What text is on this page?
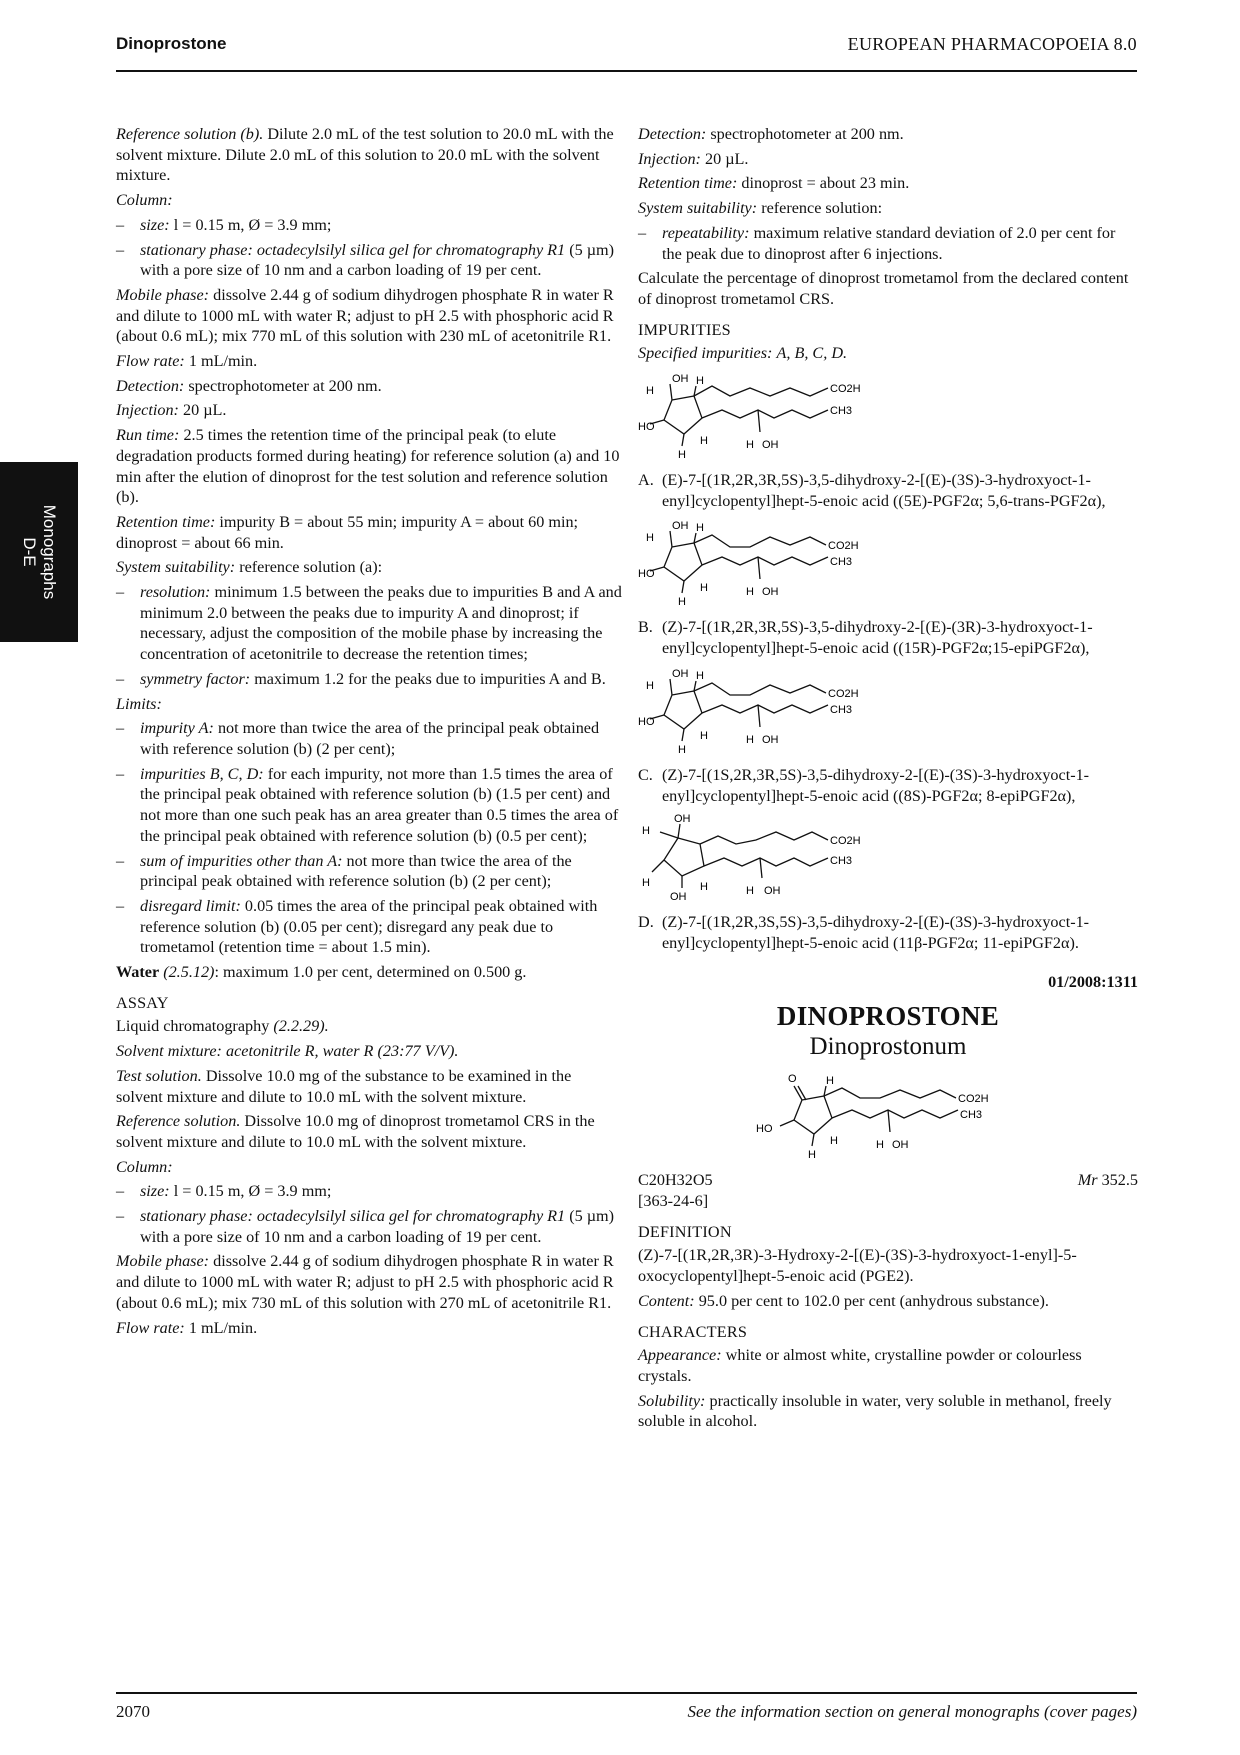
Dinoprostone	EUROPEAN PHARMACOPOEIA 8.0
Monographs
D-E

Reference solution (b). Dilute 2.0 mL of the test solution to 20.0 mL with the solvent mixture. Dilute 2.0 mL of this solution to 20.0 mL with the solvent mixture.

Column:

– size: l = 0.15 m, Ø = 3.9 mm;
– stationary phase: octadecylsilyl silica gel for chromatography R1 (5 µm) with a pore size of 10 nm and a carbon loading of 19 per cent.

Mobile phase: dissolve 2.44 g of sodium dihydrogen phosphate R in water R and dilute to 1000 mL with water R; adjust to pH 2.5 with phosphoric acid R (about 0.6 mL); mix 770 mL of this solution with 230 mL of acetonitrile R1.

Flow rate: 1 mL/min.

Detection: spectrophotometer at 200 nm.

Injection: 20 µL.

Run time: 2.5 times the retention time of the principal peak (to elute degradation products formed during heating) for reference solution (a) and 10 min after the elution of dinoprost for the test solution and reference solution (b).

Retention time: impurity B = about 55 min; impurity A = about 60 min; dinoprost = about 66 min.

System suitability: reference solution (a):

– resolution: minimum 1.5 between the peaks due to impurities B and A and minimum 2.0 between the peaks due to impurity A and dinoprost; if necessary, adjust the composition of the mobile phase by increasing the concentration of acetonitrile to decrease the retention times;
– symmetry factor: maximum 1.2 for the peaks due to impurities A and B.

Limits:

– impurity A: not more than twice the area of the principal peak obtained with reference solution (b) (2 per cent);
– impurities B, C, D: for each impurity, not more than 1.5 times the area of the principal peak obtained with reference solution (b) (1.5 per cent) and not more than one such peak has an area greater than 0.5 times the area of the principal peak obtained with reference solution (b) (0.5 per cent);
– sum of impurities other than A: not more than twice the area of the principal peak obtained with reference solution (b) (2 per cent);
– disregard limit: 0.05 times the area of the principal peak obtained with reference solution (b) (0.05 per cent); disregard any peak due to trometamol (retention time = about 1.5 min).

Water (2.5.12): maximum 1.0 per cent, determined on 0.500 g.

ASSAY

Liquid chromatography (2.2.29).

Solvent mixture: acetonitrile R, water R (23:77 V/V).

Test solution. Dissolve 10.0 mg of the substance to be examined in the solvent mixture and dilute to 10.0 mL with the solvent mixture.

Reference solution. Dissolve 10.0 mg of dinoprost trometamol CRS in the solvent mixture and dilute to 10.0 mL with the solvent mixture.

Column:

– size: l = 0.15 m, Ø = 3.9 mm;
– stationary phase: octadecylsilyl silica gel for chromatography R1 (5 µm) with a pore size of 10 nm and a carbon loading of 19 per cent.

Mobile phase: dissolve 2.44 g of sodium dihydrogen phosphate R in water R and dilute to 1000 mL with water R; adjust to pH 2.5 with phosphoric acid R (about 0.6 mL); mix 730 mL of this solution with 270 mL of acetonitrile R1.

Flow rate: 1 mL/min.

Detection: spectrophotometer at 200 nm.

Injection: 20 µL.

Retention time: dinoprost = about 23 min.

System suitability: reference solution:

– repeatability: maximum relative standard deviation of 2.0 per cent for the peak due to dinoprost after 6 injections.

Calculate the percentage of dinoprost trometamol from the declared content of dinoprost trometamol CRS.

IMPURITIES

Specified impurities: A, B, C, D.

OH
H
H
CO2H
CH3
HO
H
H	H OH
A. (E)-7-[(1R,2R,3R,5S)-3,5-dihydroxy-2-[(E)-(3S)-3-hydroxyoct-1-enyl]cyclopentyl]hept-5-enoic acid ((5E)-PGF2α; 5,6-trans-PGF2α),
OH
H
H
CO2H
CH3
HO
H
H	H OH
B. (Z)-7-[(1R,2R,3R,5S)-3,5-dihydroxy-2-[(E)-(3R)-3-hydroxyoct-1-enyl]cyclopentyl]hept-5-enoic acid ((15R)-PGF2α;15-epiPGF2α),
OH
H
H
CO2H
CH3
HO
H
H	H OH
C. (Z)-7-[(1S,2R,3R,5S)-3,5-dihydroxy-2-[(E)-(3S)-3-hydroxyoct-1-enyl]cyclopentyl]hept-5-enoic acid ((8S)-PGF2α; 8-epiPGF2α),
OH
H
CO2H
CH3
H
OH
H	H OH
D. (Z)-7-[(1R,2R,3S,5S)-3,5-dihydroxy-2-[(E)-(3S)-3-hydroxyoct-1-enyl]cyclopentyl]hept-5-enoic acid (11β-PGF2α; 11-epiPGF2α).
01/2008:1311
DINOPROSTONE
Dinoprostonum
O	H
CO2H
CH3
HO
H
H	H OH
C20H32O5
[363-24-6]
Mr 352.5
DEFINITION

(Z)-7-[(1R,2R,3R)-3-Hydroxy-2-[(E)-(3S)-3-hydroxyoct-1-enyl]-5-oxocyclopentyl]hept-5-enoic acid (PGE2).

Content: 95.0 per cent to 102.0 per cent (anhydrous substance).

CHARACTERS

Appearance: white or almost white, crystalline powder or colourless crystals.

Solubility: practically insoluble in water, very soluble in methanol, freely soluble in alcohol.

2070	See the information section on general monographs (cover pages)
